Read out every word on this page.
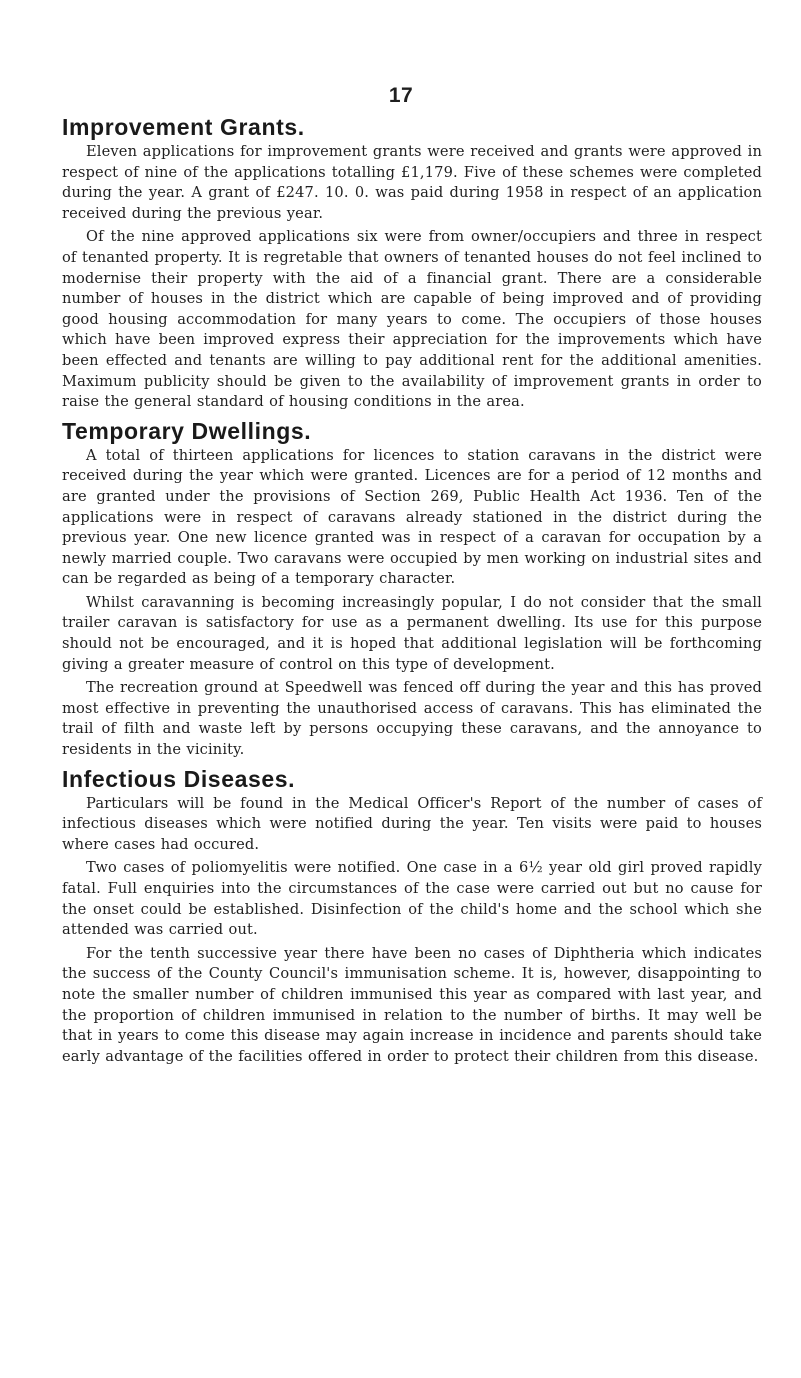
17
Improvement Grants.

Eleven applications for improvement grants were received and grants were approved in respect of nine of the applications totalling £1,179. Five of these schemes were completed during the year. A grant of £247. 10. 0. was paid during 1958 in respect of an application received during the previous year.

Of the nine approved applications six were from owner/occupiers and three in respect of tenanted property. It is regretable that owners of tenanted houses do not feel inclined to modernise their property with the aid of a financial grant. There are a considerable number of houses in the district which are capable of being improved and of providing good housing accommodation for many years to come. The occupiers of those houses which have been improved express their appreciation for the improvements which have been effected and tenants are willing to pay additional rent for the additional amenities. Maximum publicity should be given to the availability of improvement grants in order to raise the general standard of housing conditions in the area.

Temporary Dwellings.

A total of thirteen applications for licences to station caravans in the district were received during the year which were granted. Licences are for a period of 12 months and are granted under the provisions of Section 269, Public Health Act 1936. Ten of the applications were in respect of caravans already stationed in the district during the previous year. One new licence granted was in respect of a caravan for occupation by a newly married couple. Two caravans were occupied by men working on industrial sites and can be regarded as being of a temporary character.

Whilst caravanning is becoming increasingly popular, I do not consider that the small trailer caravan is satisfactory for use as a permanent dwelling. Its use for this purpose should not be encouraged, and it is hoped that additional legislation will be forthcoming giving a greater measure of control on this type of development.

The recreation ground at Speedwell was fenced off during the year and this has proved most effective in preventing the unauthorised access of caravans. This has eliminated the trail of filth and waste left by persons occupying these caravans, and the annoyance to residents in the vicinity.

Infectious Diseases.

Particulars will be found in the Medical Officer's Report of the number of cases of infectious diseases which were notified during the year. Ten visits were paid to houses where cases had occured.

Two cases of poliomyelitis were notified. One case in a 6½ year old girl proved rapidly fatal. Full enquiries into the circumstances of the case were carried out but no cause for the onset could be established. Disinfection of the child's home and the school which she attended was carried out.

For the tenth successive year there have been no cases of Diphtheria which indicates the success of the County Council's immunisation scheme. It is, however, disappointing to note the smaller number of children immunised this year as compared with last year, and the proportion of children immunised in relation to the number of births. It may well be that in years to come this disease may again increase in incidence and parents should take early advantage of the facilities offered in order to protect their children from this disease.
